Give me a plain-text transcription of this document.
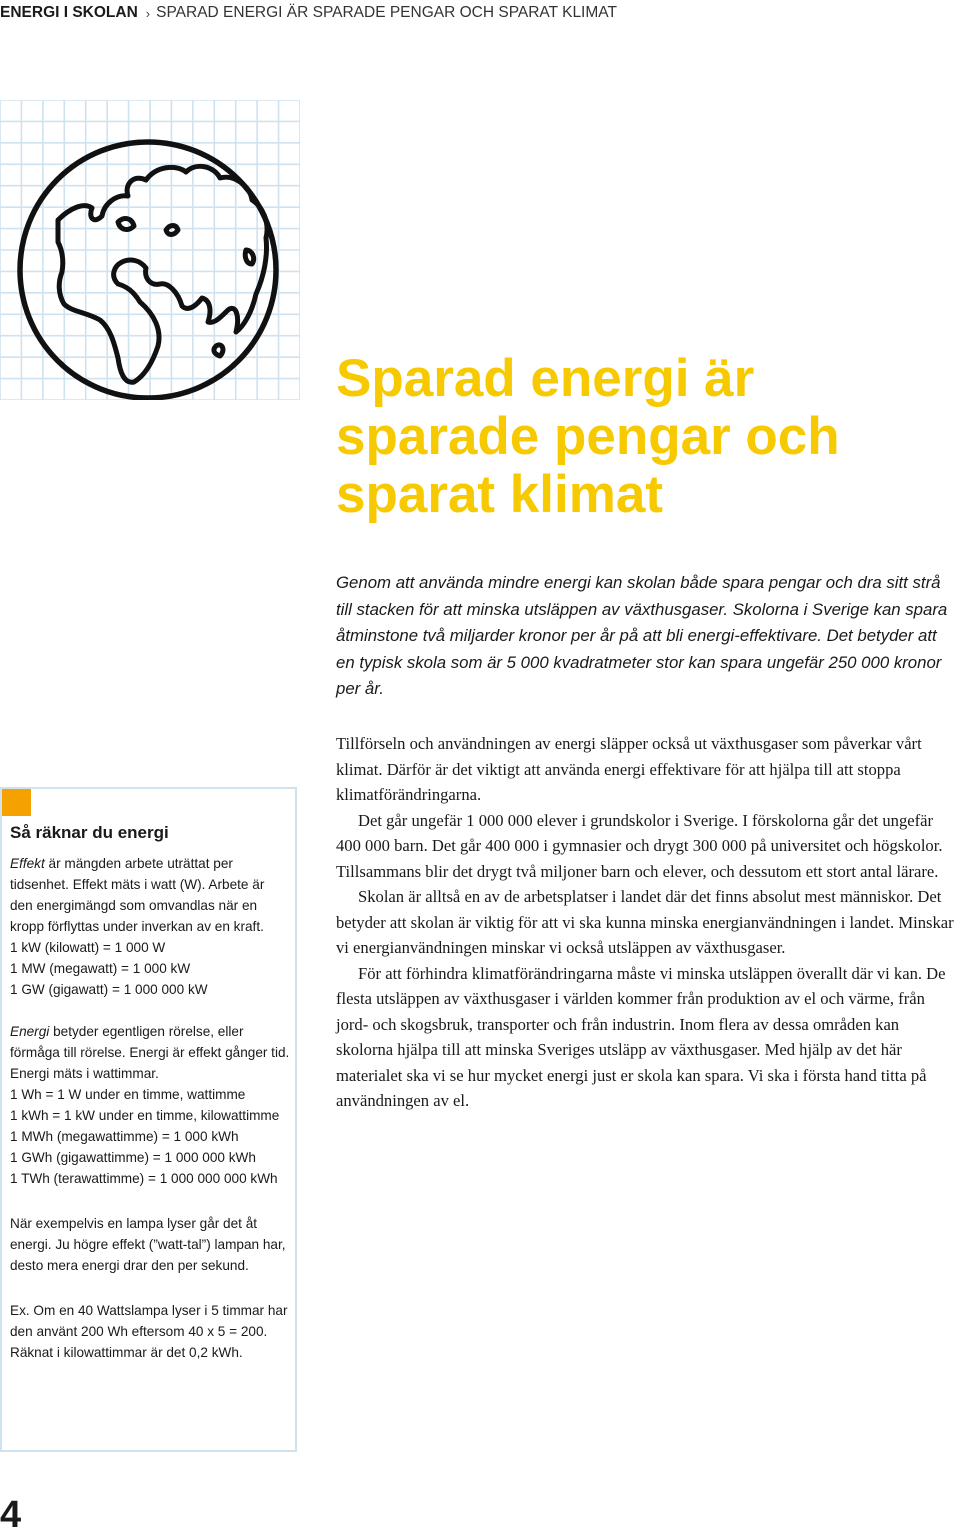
ENERGI I SKOLAN › SPARAD ENERGI ÄR SPARADE PENGAR OCH SPARAT KLIMAT
Sparad energi är sparade pengar och sparat klimat

Genom att använda mindre energi kan skolan både spara pengar och dra sitt strå till stacken för att minska utsläppen av växthusgaser. Skolorna i Sverige kan spara åtminstone två miljarder kronor per år på att bli energi-effektivare. Det betyder att en typisk skola som är 5 000 kvadratmeter stor kan spara ungefär 250 000 kronor per år.

Tillförseln och användningen av energi släpper också ut växthusgaser som påverkar vårt klimat. Därför är det viktigt att använda energi effektivare för att hjälpa till att stoppa klimatförändringarna.

Det går ungefär 1 000 000 elever i grundskolor i Sverige. I förskolorna går det ungefär 400 000 barn. Det går 400 000 i gymnasier och drygt 300 000 på universitet och högskolor. Tillsammans blir det drygt två miljoner barn och elever, och dessutom ett stort antal lärare.

Skolan är alltså en av de arbetsplatser i landet där det finns absolut mest människor. Det betyder att skolan är viktig för att vi ska kunna minska energianvändningen i landet. Minskar vi energianvändningen minskar vi också utsläppen av växthusgaser.

För att förhindra klimatförändringarna måste vi minska utsläppen överallt där vi kan. De flesta utsläppen av växthusgaser i världen kommer från produktion av el och värme, från jord- och skogsbruk, transporter och från industrin. Inom flera av dessa områden kan skolorna hjälpa till att minska Sveriges utsläpp av växthusgaser. Med hjälp av det här materialet ska vi se hur mycket energi just er skola kan spara. Vi ska i första hand titta på användningen av el.

Så räknar du energi

Effekt är mängden arbete uträttat per tidsenhet. Effekt mäts i watt (W). Arbete är den energimängd som omvandlas när en kropp förflyttas under inverkan av en kraft.

1 kW (kilowatt) = 1 000 W

1 MW (megawatt) = 1 000 kW

1 GW (gigawatt) = 1 000 000 kW

Energi betyder egentligen rörelse, eller förmåga till rörelse. Energi är effekt gånger tid. Energi mäts i wattimmar.

1 Wh = 1 W under en timme, wattimme

1 kWh = 1 kW under en timme, kilowattimme

1 MWh (megawattimme) = 1 000 kWh

1 GWh (gigawattimme) = 1 000 000 kWh

1 TWh (terawattimme) = 1 000 000 000 kWh

När exempelvis en lampa lyser går det åt energi. Ju högre effekt (”watt-tal”) lampan har, desto mera energi drar den per sekund.

Ex. Om en 40 Wattslampa lyser i 5 timmar har den använt 200 Wh eftersom 40 x 5 = 200. Räknat i kilowattimmar är det 0,2 kWh.

4
